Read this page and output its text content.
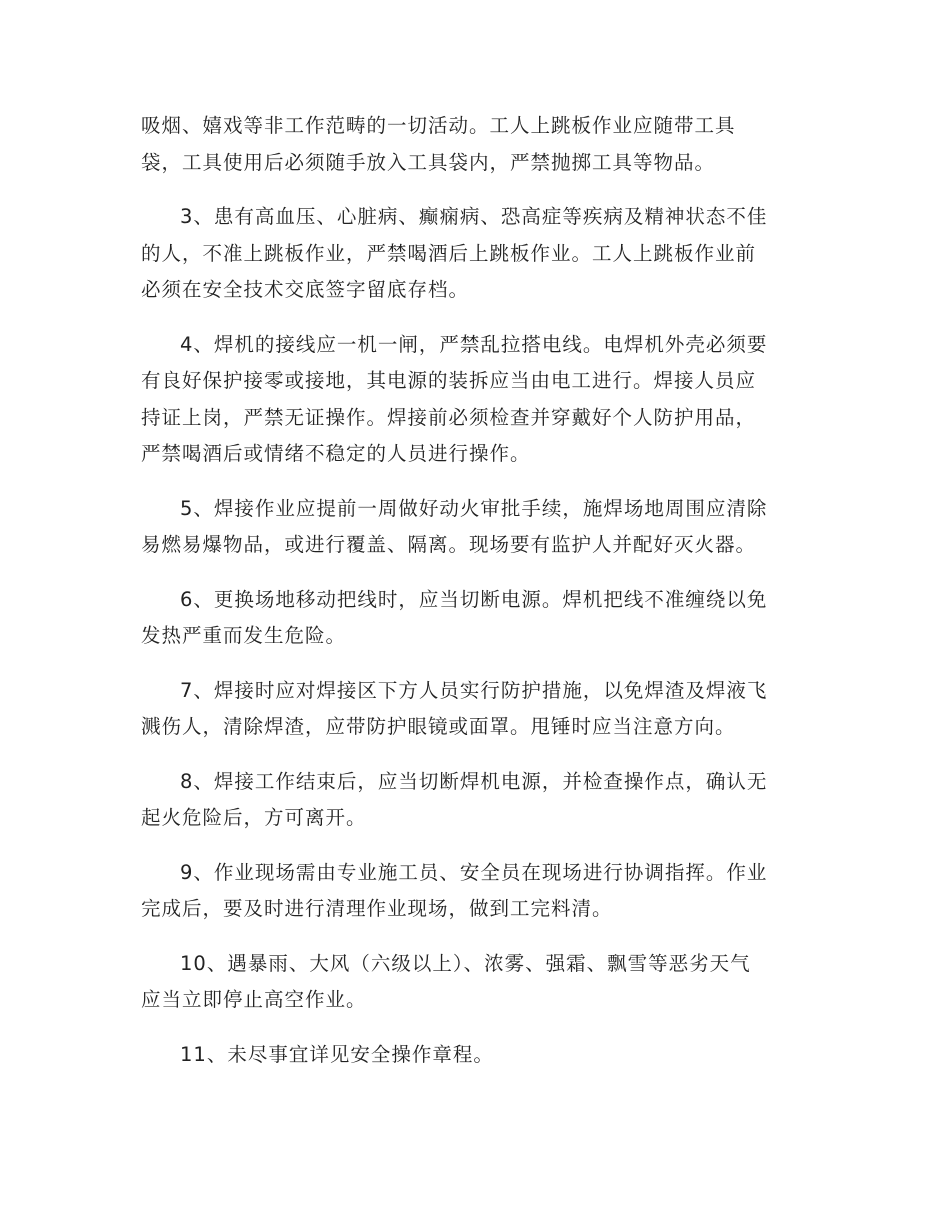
吸烟、嬉戏等非工作范畴的一切活动。工人上跳板作业应随带工具
袋，工具使用后必须随手放入工具袋内，严禁抛掷工具等物品。

3、患有高血压、心脏病、癫痫病、恐高症等疾病及精神状态不佳
的人，不准上跳板作业，严禁喝酒后上跳板作业。工人上跳板作业前
必须在安全技术交底签字留底存档。

4、焊机的接线应一机一闸，严禁乱拉搭电线。电焊机外壳必须要
有良好保护接零或接地，其电源的装拆应当由电工进行。焊接人员应
持证上岗，严禁无证操作。焊接前必须检查并穿戴好个人防护用品，
严禁喝酒后或情绪不稳定的人员进行操作。

5、焊接作业应提前一周做好动火审批手续，施焊场地周围应清除
易燃易爆物品，或进行覆盖、隔离。现场要有监护人并配好灭火器。

6、更换场地移动把线时，应当切断电源。焊机把线不准缠绕以免
发热严重而发生危险。

7、焊接时应对焊接区下方人员实行防护措施，以免焊渣及焊液飞
溅伤人，清除焊渣，应带防护眼镜或面罩。甩锤时应当注意方向。

8、焊接工作结束后，应当切断焊机电源，并检查操作点，确认无
起火危险后，方可离开。

9、作业现场需由专业施工员、安全员在现场进行协调指挥。作业
完成后，要及时进行清理作业现场，做到工完料清。

10、遇暴雨、大风（六级以上）、浓雾、强霜、飘雪等恶劣天气
应当立即停止高空作业。

11、未尽事宜详见安全操作章程。
